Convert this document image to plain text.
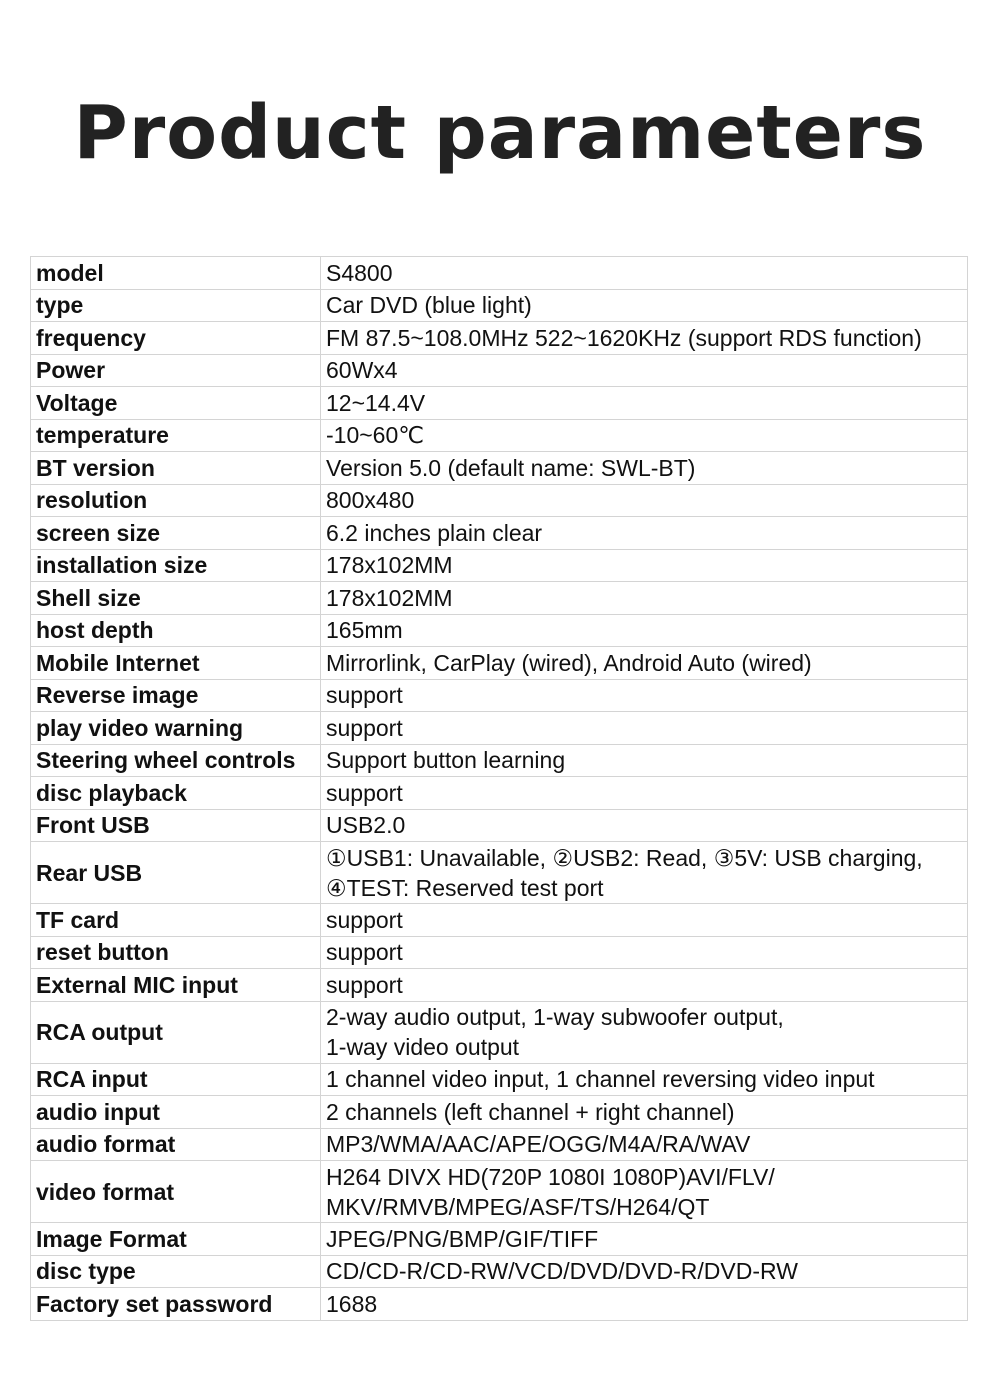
Product parameters
model	S4800
type	Car DVD (blue light)
frequency	FM 87.5~108.0MHz 522~1620KHz (support RDS function)
Power	60Wx4
Voltage	12~14.4V
temperature	-10~60℃
BT version	Version 5.0 (default name: SWL-BT)
resolution	800x480
screen size	6.2 inches plain clear
installation size	178x102MM
Shell size	178x102MM
host depth	165mm
Mobile Internet	Mirrorlink, CarPlay (wired), Android Auto (wired)
Reverse image	support
play video warning	support
Steering wheel controls	Support button learning
disc playback	support
Front USB	USB2.0
Rear USB	①USB1: Unavailable, ②USB2: Read, ③5V: USB charging,
④TEST: Reserved test port
TF card	support
reset button	support
External MIC input	support
RCA output	2-way audio output, 1-way subwoofer output,
1-way video output
RCA input	1 channel video input, 1 channel reversing video input
audio input	2 channels (left channel + right channel)
audio format	MP3/WMA/AAC/APE/OGG/M4A/RA/WAV
video format	H264 DIVX HD(720P 1080I 1080P)AVI/FLV/
MKV/RMVB/MPEG/ASF/TS/H264/QT
Image Format	JPEG/PNG/BMP/GIF/TIFF
disc type	CD/CD-R/CD-RW/VCD/DVD/DVD-R/DVD-RW
Factory set password	1688
